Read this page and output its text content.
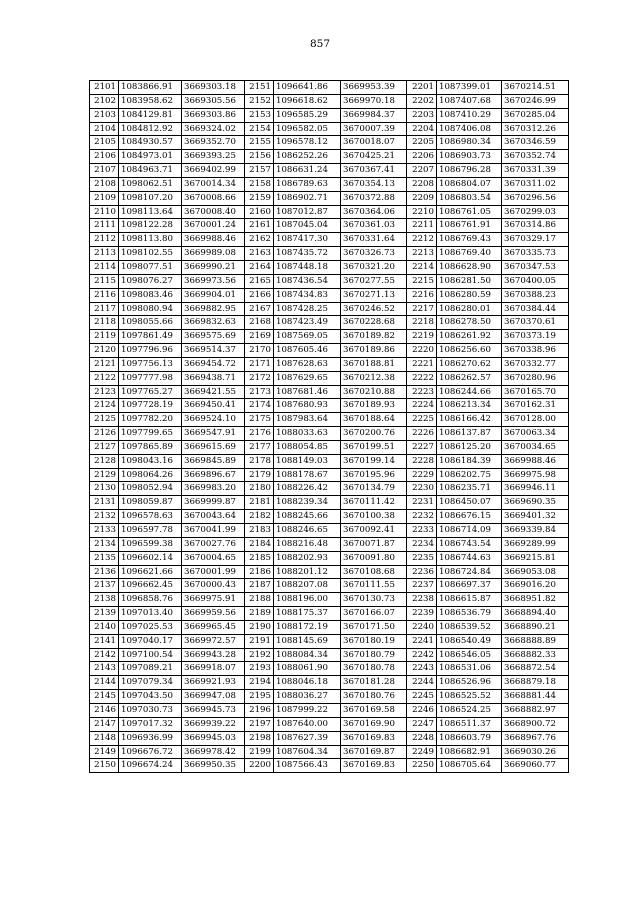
857
2101	1083866.91	3669303.18	2151	1096641.86	3669953.39	2201	1087399.01	3670214.51
2102	1083958.62	3669305.56	2152	1096618.62	3669970.18	2202	1087407.68	3670246.99
2103	1084129.81	3669303.86	2153	1096585.29	3669984.37	2203	1087410.29	3670285.04
2104	1084812.92	3669324.02	2154	1096582.05	3670007.39	2204	1087406.08	3670312.26
2105	1084930.57	3669352.70	2155	1096578.12	3670018.07	2205	1086980.34	3670346.59
2106	1084973.01	3669393.25	2156	1086252.26	3670425.21	2206	1086903.73	3670352.74
2107	1084963.71	3669402.99	2157	1086631.24	3670367.41	2207	1086796.28	3670331.39
2108	1098062.51	3670014.34	2158	1086789.63	3670354.13	2208	1086804.07	3670311.02
2109	1098107.20	3670008.66	2159	1086902.71	3670372.88	2209	1086803.54	3670296.56
2110	1098113.64	3670008.40	2160	1087012.87	3670364.06	2210	1086761.05	3670299.03
2111	1098122.28	3670001.24	2161	1087045.04	3670361.03	2211	1086761.91	3670314.86
2112	1098113.80	3669988.46	2162	1087417.30	3670331.64	2212	1086769.43	3670329.17
2113	1098102.55	3669989.08	2163	1087435.72	3670326.73	2213	1086769.40	3670335.73
2114	1098077.51	3669990.21	2164	1087448.18	3670321.20	2214	1086628.90	3670347.53
2115	1098076.27	3669973.56	2165	1087436.54	3670277.55	2215	1086281.50	3670400.05
2116	1098083.46	3669904.01	2166	1087434.83	3670271.13	2216	1086280.59	3670388.23
2117	1098080.94	3669882.95	2167	1087428.25	3670246.52	2217	1086280.01	3670384.44
2118	1098055.66	3669832.63	2168	1087423.49	3670228.68	2218	1086278.50	3670370.61
2119	1097861.49	3669575.69	2169	1087569.05	3670189.82	2219	1086261.92	3670373.19
2120	1097796.96	3669514.37	2170	1087605.46	3670189.86	2220	1086256.60	3670338.96
2121	1097756.13	3669454.72	2171	1087628.63	3670188.81	2221	1086270.62	3670332.77
2122	1097777.98	3669438.71	2172	1087629.65	3670212.38	2222	1086262.57	3670280.96
2123	1097765.27	3669421.55	2173	1087681.46	3670210.88	2223	1086244.66	3670165.70
2124	1097728.19	3669450.41	2174	1087680.93	3670189.93	2224	1086213.34	3670162.31
2125	1097782.20	3669524.10	2175	1087983.64	3670188.64	2225	1086166.42	3670128.00
2126	1097799.65	3669547.91	2176	1088033.63	3670200.76	2226	1086137.87	3670063.34
2127	1097865.89	3669615.69	2177	1088054.85	3670199.51	2227	1086125.20	3670034.65
2128	1098043.16	3669845.89	2178	1088149.03	3670199.14	2228	1086184.39	3669988.46
2129	1098064.26	3669896.67	2179	1088178.67	3670195.96	2229	1086202.75	3669975.98
2130	1098052.94	3669983.20	2180	1088226.42	3670134.79	2230	1086235.71	3669946.11
2131	1098059.87	3669999.87	2181	1088239.34	3670111.42	2231	1086450.07	3669690.35
2132	1096578.63	3670043.64	2182	1088245.66	3670100.38	2232	1086676.15	3669401.32
2133	1096597.78	3670041.99	2183	1088246.65	3670092.41	2233	1086714.09	3669339.84
2134	1096599.38	3670027.76	2184	1088216.48	3670071.87	2234	1086743.54	3669289.99
2135	1096602.14	3670004.65	2185	1088202.93	3670091.80	2235	1086744.63	3669215.81
2136	1096621.66	3670001.99	2186	1088201.12	3670108.68	2236	1086724.84	3669053.08
2137	1096662.45	3670000.43	2187	1088207.08	3670111.55	2237	1086697.37	3669016.20
2138	1096858.76	3669975.91	2188	1088196.00	3670130.73	2238	1086615.87	3668951.82
2139	1097013.40	3669959.56	2189	1088175.37	3670166.07	2239	1086536.79	3668894.40
2140	1097025.53	3669965.45	2190	1088172.19	3670171.50	2240	1086539.52	3668890.21
2141	1097040.17	3669972.57	2191	1088145.69	3670180.19	2241	1086540.49	3668888.89
2142	1097100.54	3669943.28	2192	1088084.34	3670180.79	2242	1086546.05	3668882.33
2143	1097089.21	3669918.07	2193	1088061.90	3670180.78	2243	1086531.06	3668872.54
2144	1097079.34	3669921.93	2194	1088046.18	3670181.28	2244	1086526.96	3668879.18
2145	1097043.50	3669947.08	2195	1088036.27	3670180.76	2245	1086525.52	3668881.44
2146	1097030.73	3669945.73	2196	1087999.22	3670169.58	2246	1086524.25	3668882.97
2147	1097017.32	3669939.22	2197	1087640.00	3670169.90	2247	1086511.37	3668900.72
2148	1096936.99	3669945.03	2198	1087627.39	3670169.83	2248	1086603.79	3668967.76
2149	1096676.72	3669978.42	2199	1087604.34	3670169.87	2249	1086682.91	3669030.26
2150	1096674.24	3669950.35	2200	1087566.43	3670169.83	2250	1086705.64	3669060.77
